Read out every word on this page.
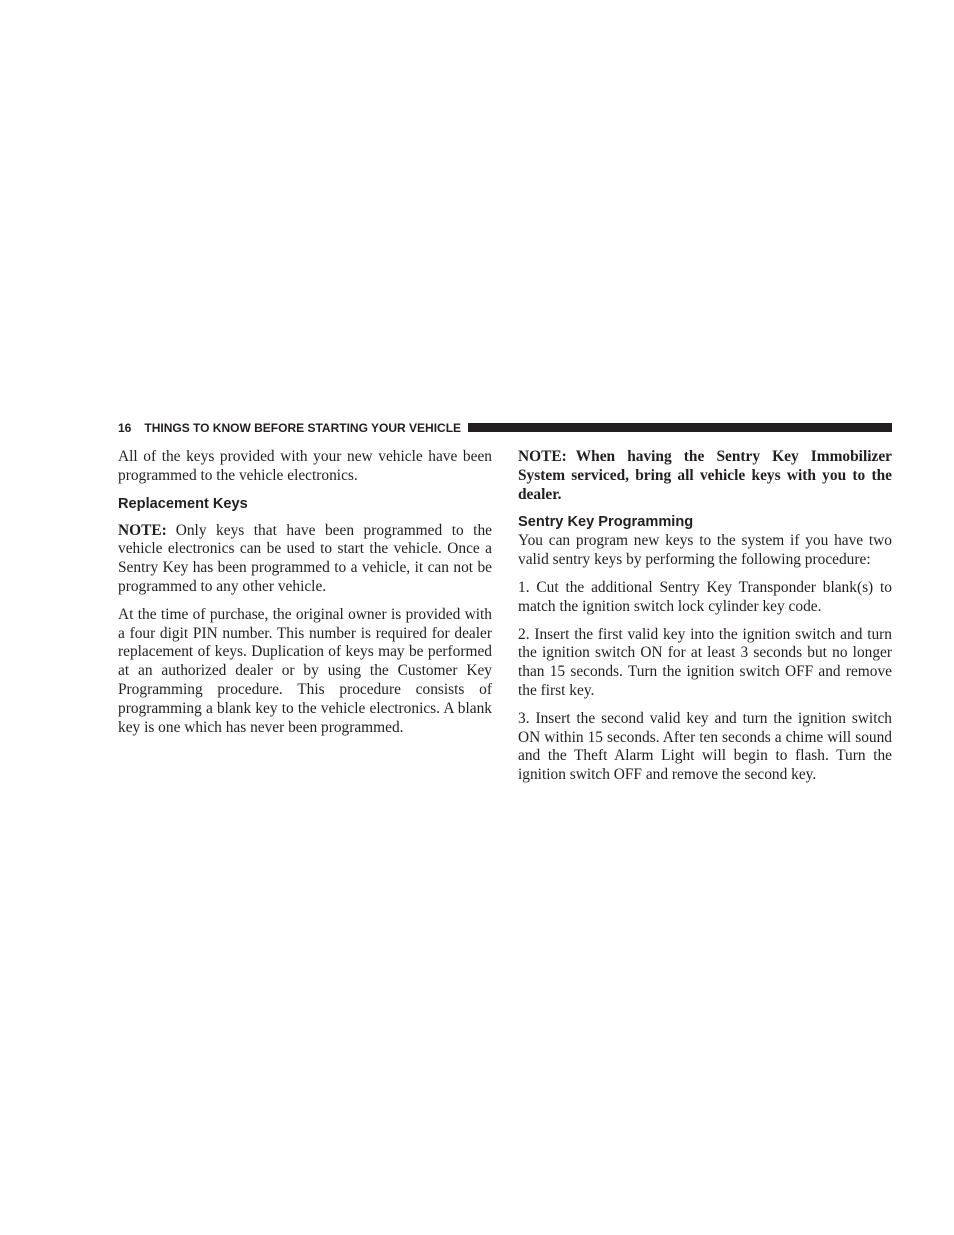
16 THINGS TO KNOW BEFORE STARTING YOUR VEHICLE

All of the keys provided with your new vehicle have been programmed to the vehicle electronics.

Replacement Keys

NOTE: Only keys that have been programmed to the vehicle electronics can be used to start the vehicle. Once a Sentry Key has been programmed to a vehicle, it can not be programmed to any other vehicle.

At the time of purchase, the original owner is provided with a four digit PIN number. This number is required for dealer replacement of keys. Duplication of keys may be performed at an authorized dealer or by using the Customer Key Programming procedure. This procedure consists of programming a blank key to the vehicle electronics. A blank key is one which has never been programmed.

NOTE: When having the Sentry Key Immobilizer System serviced, bring all vehicle keys with you to the dealer.

Sentry Key Programming

You can program new keys to the system if you have two valid sentry keys by performing the following procedure:

1. Cut the additional Sentry Key Transponder blank(s) to match the ignition switch lock cylinder key code.

2. Insert the first valid key into the ignition switch and turn the ignition switch ON for at least 3 seconds but no longer than 15 seconds. Turn the ignition switch OFF and remove the first key.

3. Insert the second valid key and turn the ignition switch ON within 15 seconds. After ten seconds a chime will sound and the Theft Alarm Light will begin to flash. Turn the ignition switch OFF and remove the second key.
